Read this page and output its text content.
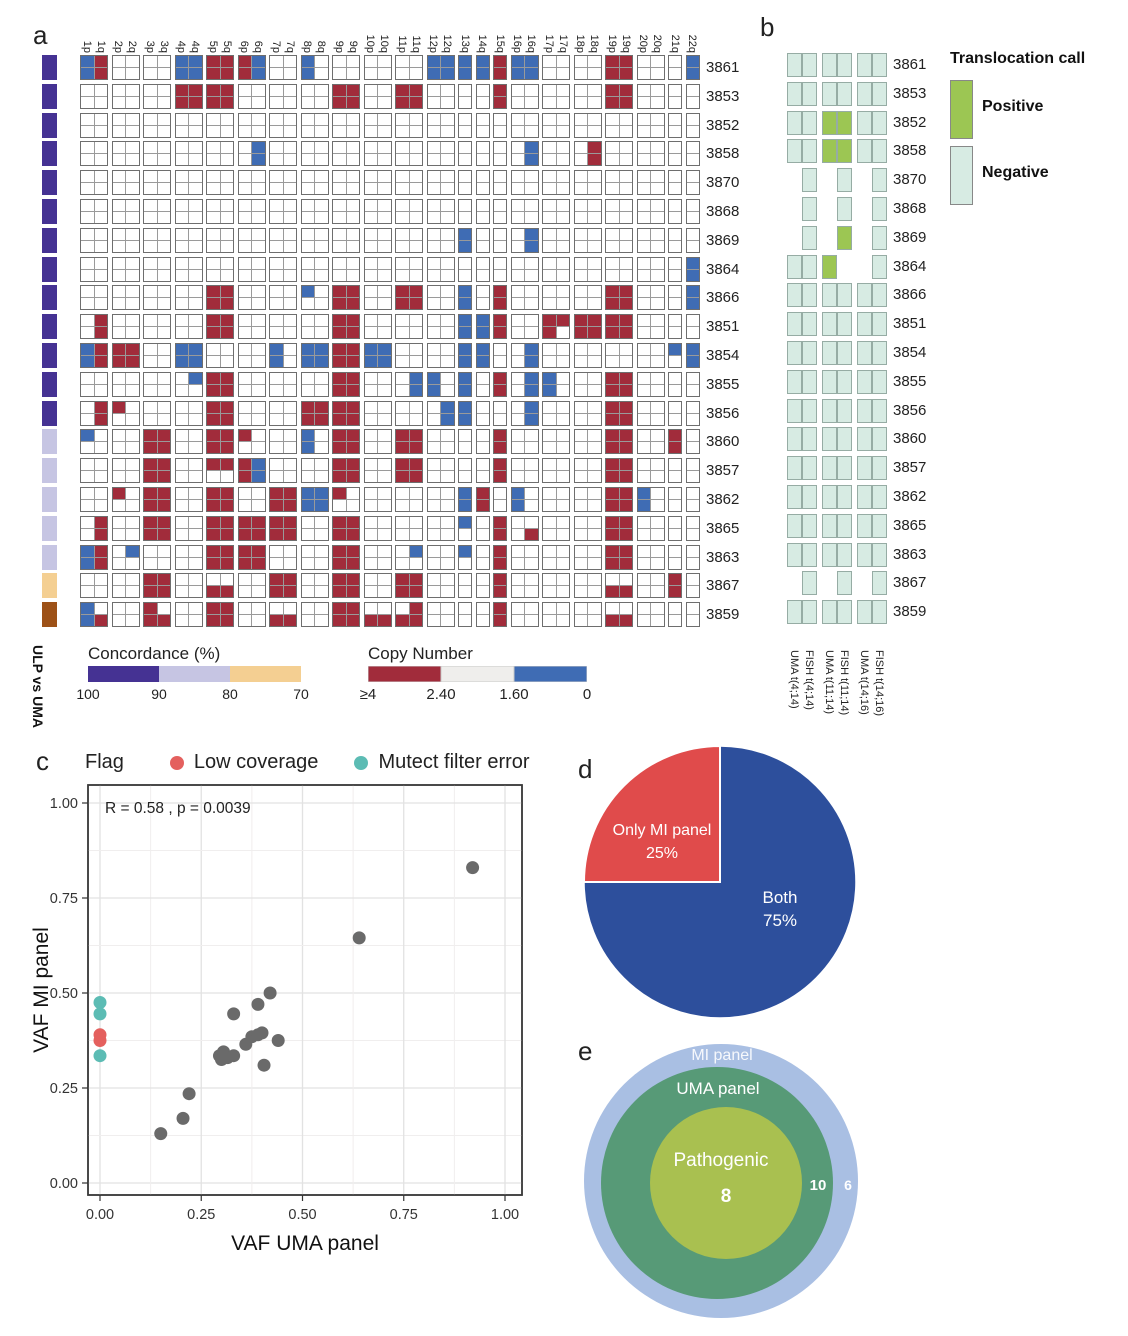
a	1p 1q 2p 2q 3p 3q 4p 4q 5p 5q 6p 6q 7p 7q 8p 8q 9p 9q 10p 10q 11p 11q 12p 12q 13q 14q 15q 16p 16q 17p 17q 18p 18q 19p 19q 20p 20q 21q 22q
3861
3853
3852
3858
3870
3868
3869
3864
3866
3851
3854
3855
3856
3860
3857
3862
3865
3863
3867
3859
ULP vs UMA Concordance (%)
100	90	80	70
Copy Number
≥4	2.40	1.60	0
b
3861
3853
3852
3858
3870
3868
3869
3864
3866
3851
3854
3855
3856
3860
3857
3862
3865
3863
3867
3859
UMA t(4;14) FISH t(4;14) UMA t(11;14) FISH t(11;14) UMA t(14;16) FISH t(14;16)
Translocation call
Positive
Negative
c Flag	Low coverage	Mutect filter error
0.00	0.25	0.50	0.75	1.00
0.00
0.25
0.50
0.75
1.00
VAF UMA panel
VAF MI panel
R = 0.58 , p = 0.0039
d
Only MI panel
25%
Both
75%
e	MI panel
UMA panel
Pathogenic
8
10 6
